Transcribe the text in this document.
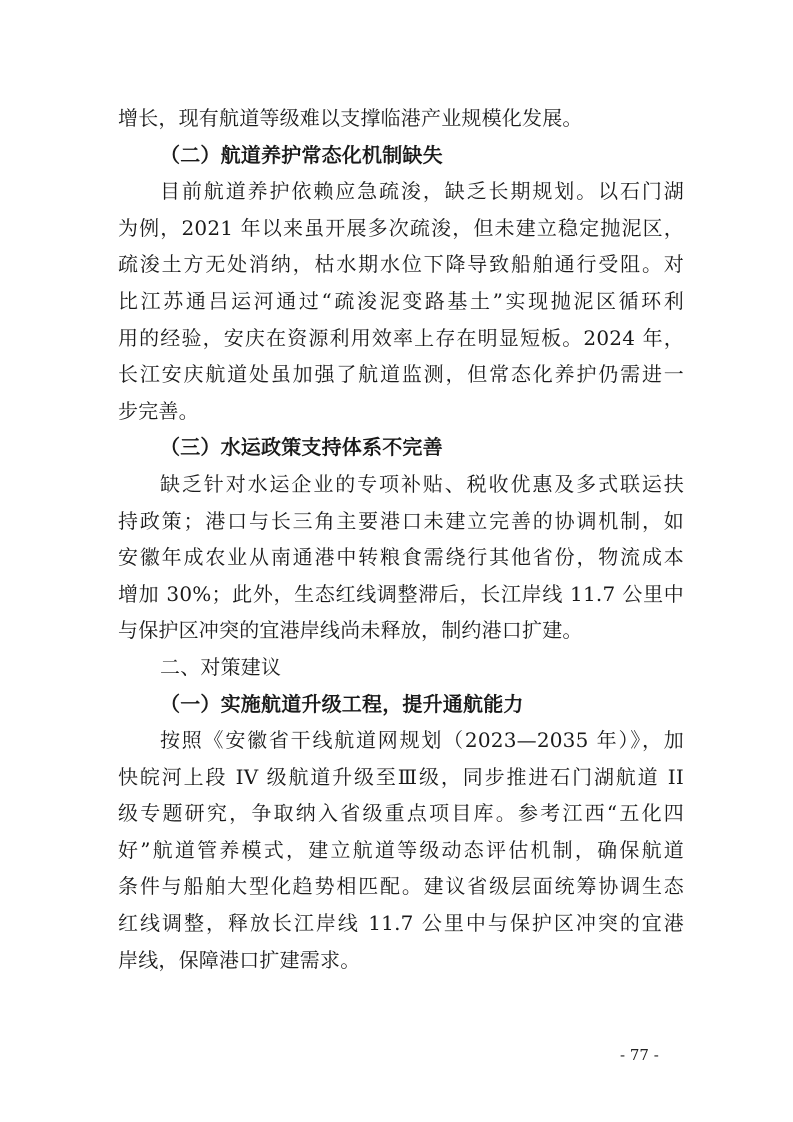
增长，现有航道等级难以支撑临港产业规模化发展。
（二）航道养护常态化机制缺失
目前航道养护依赖应急疏浚，缺乏长期规划。以石门湖
为例，2021 年以来虽开展多次疏浚，但未建立稳定抛泥区，
疏浚土方无处消纳，枯水期水位下降导致船舶通行受阻。对
比江苏通吕运河通过“疏浚泥变路基土”实现抛泥区循环利
用的经验，安庆在资源利用效率上存在明显短板。2024 年，
长江安庆航道处虽加强了航道监测，但常态化养护仍需进一
步完善。
（三）水运政策支持体系不完善
缺乏针对水运企业的专项补贴、税收优惠及多式联运扶
持政策；港口与长三角主要港口未建立完善的协调机制，如
安徽年成农业从南通港中转粮食需绕行其他省份，物流成本
增加 30%；此外，生态红线调整滞后，长江岸线 11.7 公里中
与保护区冲突的宜港岸线尚未释放，制约港口扩建。
二、对策建议
（一）实施航道升级工程，提升通航能力
按照《安徽省干线航道网规划（2023—2035 年）》，加
快皖河上段 IV 级航道升级至Ⅲ级，同步推进石门湖航道 II
级专题研究，争取纳入省级重点项目库。参考江西“五化四
好”航道管养模式，建立航道等级动态评估机制，确保航道
条件与船舶大型化趋势相匹配。建议省级层面统筹协调生态
红线调整，释放长江岸线 11.7 公里中与保护区冲突的宜港
岸线，保障港口扩建需求。
- 77 -
